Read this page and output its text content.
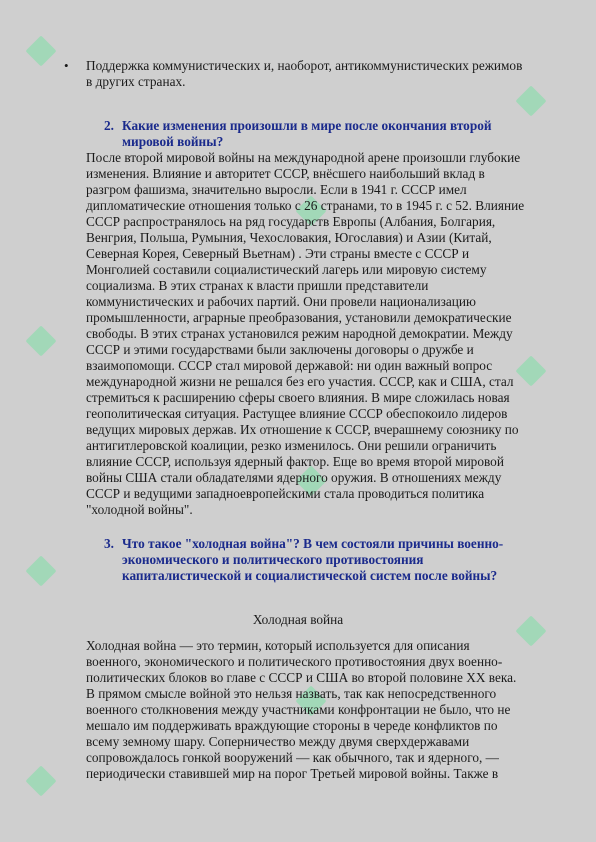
• Поддержка коммунистических и, наоборот, антикоммунистических режимов
в других странах.
2. Какие изменения произошли в мире после окончания второй
мировой войны?
После второй мировой войны на международной арене произошли глубокие
изменения. Влияние и авторитет СССР, внёсшего наибольший вклад в
разгром фашизма, значительно выросли. Если в 1941 г. СССР имел
дипломатические отношения только с 26 странами, то в 1945 г. с 52. Влияние
СССР распространялось на ряд государств Европы (Албания, Болгария,
Венгрия, Польша, Румыния, Чехословакия, Югославия) и Азии (Китай,
Северная Корея, Северный Вьетнам) . Эти страны вместе с СССР и
Монголией составили социалистический лагерь или мировую систему
социализма. В этих странах к власти пришли представители
коммунистических и рабочих партий. Они провели национализацию
промышленности, аграрные преобразования, установили демократические
свободы. В этих странах установился режим народной демократии. Между
СССР и этими государствами были заключены договоры о дружбе и
взаимопомощи. СССР стал мировой державой: ни один важный вопрос
международной жизни не решался без его участия. СССР, как и США, стал
стремиться к расширению сферы своего влияния. В мире сложилась новая
геополитическая ситуация. Растущее влияние СССР обеспокоило лидеров
ведущих мировых держав. Их отношение к СССР, вчерашнему союзнику по
антигитлеровской коалиции, резко изменилось. Они решили ограничить
влияние СССР, используя ядерный фактор. Еще во время второй мировой
войны США стали обладателями ядерного оружия. В отношениях между
СССР и ведущими западноевропейскими стала проводиться политика
"холодной войны".
3. Что такое "холодная война"? В чем состояли причины военно-
экономического и политического противостояния
капиталистической и социалистической систем после войны?
Холодная война
Холодная война — это термин, который используется для описания
военного, экономического и политического противостояния двух военно-
политических блоков во главе с СССР и США во второй половине XX века.
В прямом смысле войной это нельзя назвать, так как непосредственного
военного столкновения между участниками конфронтации не было, что не
мешало им поддерживать враждующие стороны в череде конфликтов по
всему земному шару. Соперничество между двумя сверхдержавами
сопровождалось гонкой вооружений — как обычного, так и ядерного, —
периодически ставившей мир на порог Третьей мировой войны. Также в
